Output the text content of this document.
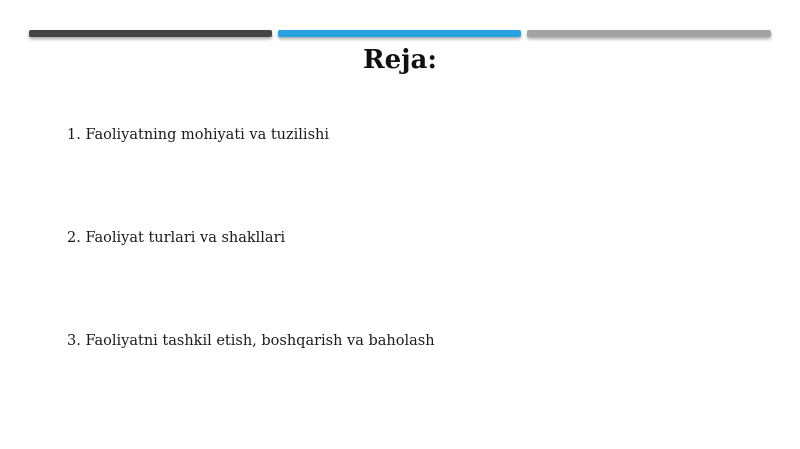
Reja:
1. Faoliyatning mohiyati va tuzilishi
2. Faoliyat turlari va shakllari
3. Faoliyatni tashkil etish, boshqarish va baholash
